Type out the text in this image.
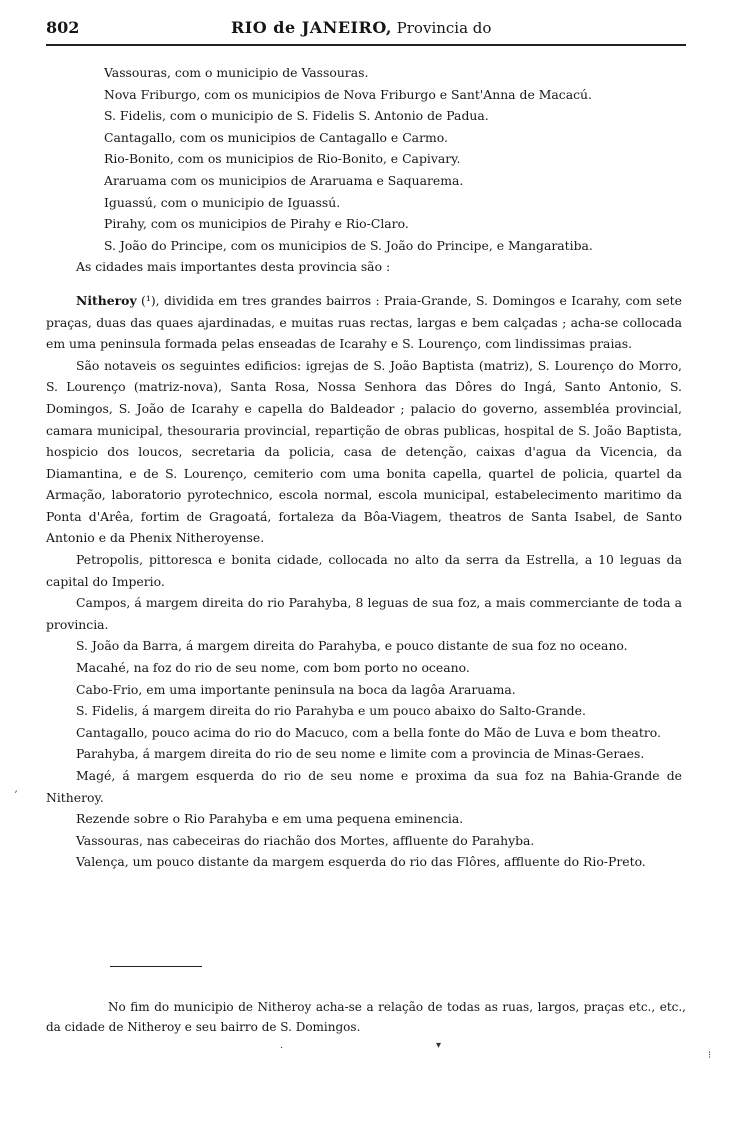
802	RIO de JANEIRO, Provincia do

Vassouras, com o municipio de Vassouras.

Nova Friburgo, com os municipios de Nova Friburgo e Sant'Anna de Macacú.

S. Fidelis, com o municipio de S. Fidelis S. Antonio de Padua.

Cantagallo, com os municipios de Cantagallo e Carmo.

Rio-Bonito, com os municipios de Rio-Bonito, e Capivary.

Araruama com os municipios de Araruama e Saquarema.

Iguassú, com o municipio de Iguassú.

Pirahy, com os municipios de Pirahy e Rio-Claro.

S. João do Principe, com os municipios de S. João do Principe, e Mangaratiba.

As cidades mais importantes desta provincia são :

Nitheroy (¹), dividida em tres grandes bairros : Praia-Grande, S. Domingos e Icarahy, com sete praças, duas das quaes ajardinadas, e muitas ruas rectas, largas e bem calçadas ; acha-se collocada em uma peninsula formada pelas enseadas de Icarahy e S. Lourenço, com lindissimas praias.

São notaveis os seguintes edificios: igrejas de S. João Baptista (matriz), S. Lourenço do Morro, S. Lourenço (matriz-nova), Santa Rosa, Nossa Senhora das Dôres do Ingá, Santo Antonio, S. Domingos, S. João de Icarahy e capella do Baldeador ; palacio do governo, assembléa provincial, camara municipal, thesouraria provincial, repartição de obras publicas, hospital de S. João Baptista, hospicio dos loucos, secretaria da policia, casa de detenção, caixas d'agua da Vicencia, da Diamantina, e de S. Lourenço, cemiterio com uma bonita capella, quartel de policia, quartel da Armação, laboratorio pyrotechnico, escola normal, escola municipal, estabelecimento maritimo da Ponta d'Arêa, fortim de Gragoatá, fortaleza da Bôa-Viagem, theatros de Santa Isabel, de Santo Antonio e da Phenix Nitheroyense.

Petropolis, pittoresca e bonita cidade, collocada no alto da serra da Estrella, a 10 leguas da capital do Imperio.

Campos, á margem direita do rio Parahyba, 8 leguas de sua foz, a mais commerciante de toda a provincia.

S. João da Barra, á margem direita do Parahyba, e pouco distante de sua foz no oceano.

Macahé, na foz do rio de seu nome, com bom porto no oceano.

Cabo-Frio, em uma importante peninsula na boca da lagôa Araruama.

S. Fidelis, á margem direita do rio Parahyba e um pouco abaixo do Salto-Grande.

Cantagallo, pouco acima do rio do Macuco, com a bella fonte do Mão de Luva e bom theatro.

Parahyba, á margem direita do rio de seu nome e limite com a provincia de Minas-Geraes.

Magé, á margem esquerda do rio de seu nome e proxima da sua foz na Bahia-Grande de Nitheroy.

Rezende sobre o Rio Parahyba e em uma pequena eminencia.

Vassouras, nas cabeceiras do riachão dos Mortes, affluente do Parahyba.

Valença, um pouco distante da margem esquerda do rio das Flôres, affluente do Rio-Preto.

No fim do municipio de Nitheroy acha-se a relação de todas as ruas, largos, praças etc., etc., da cidade de Nitheroy e seu bairro de S. Domingos.

ʼ
▾
·
⁝
